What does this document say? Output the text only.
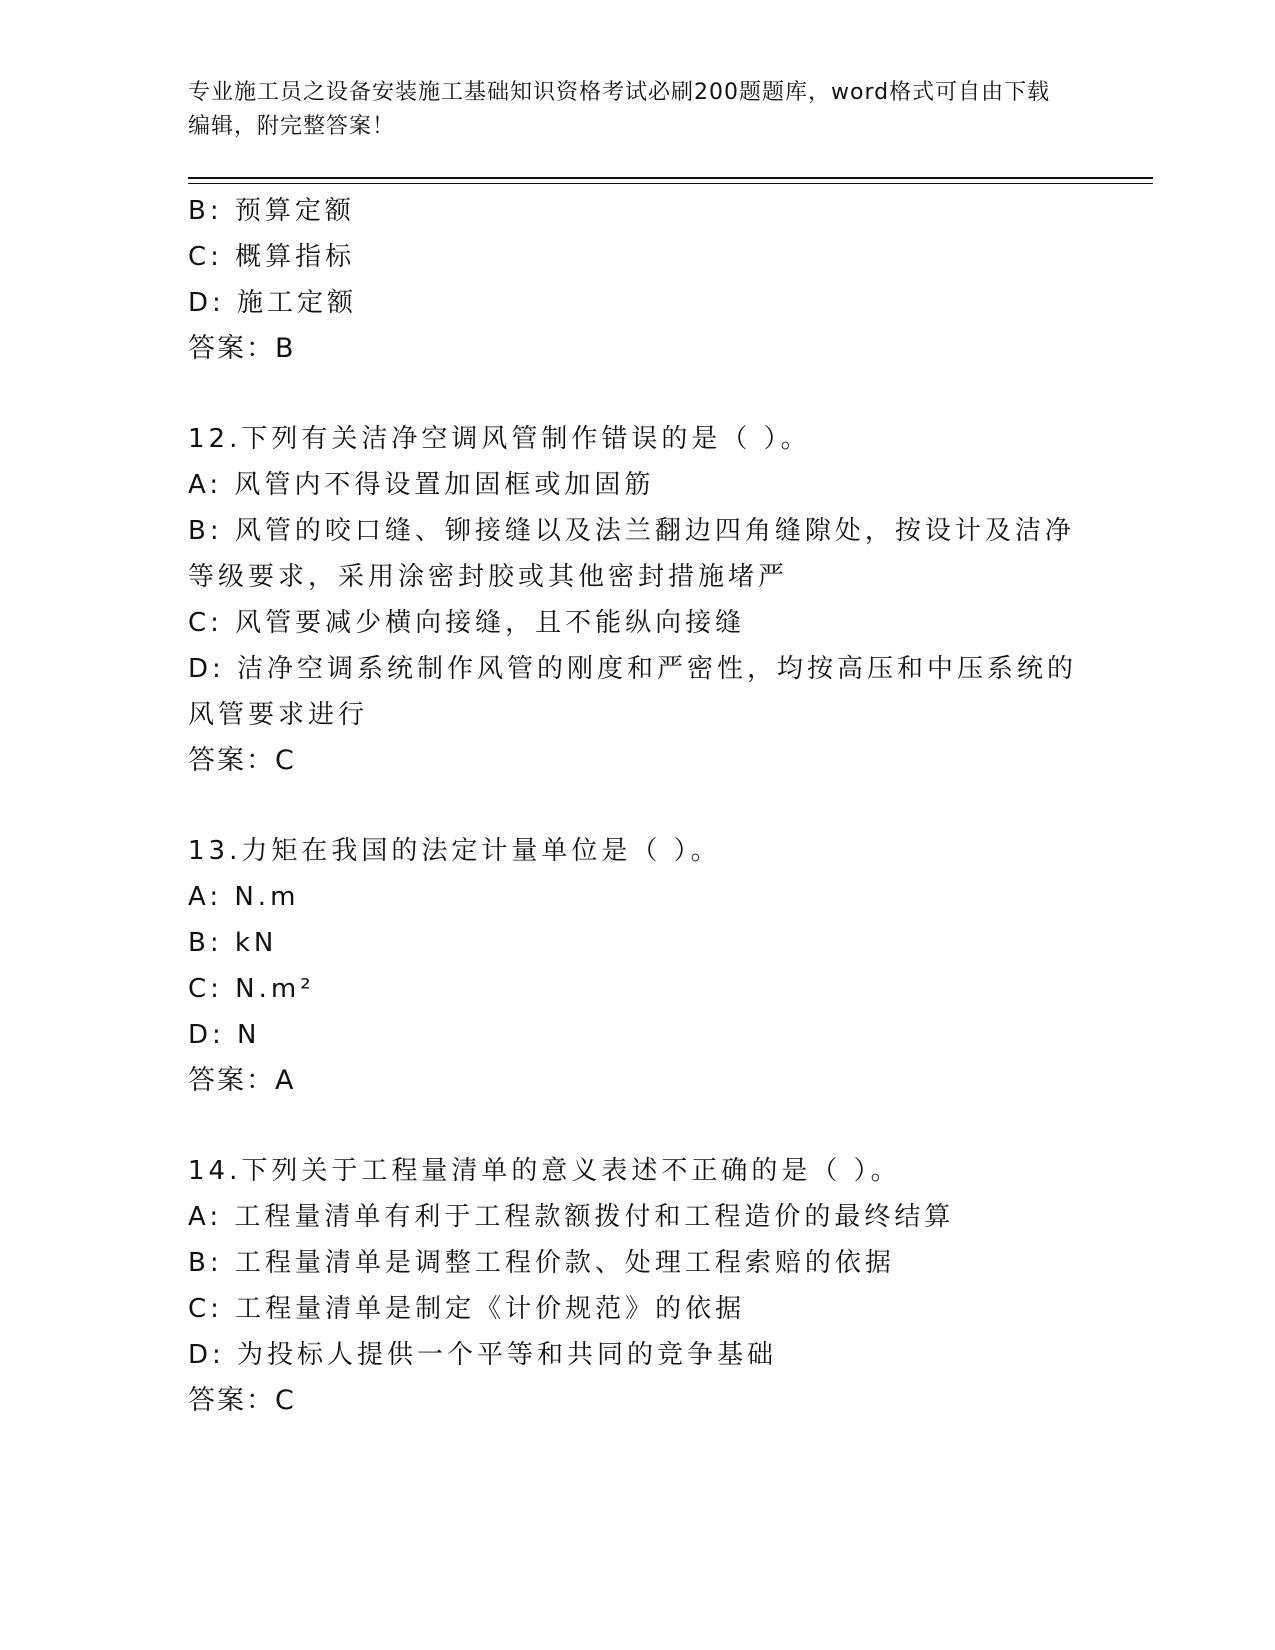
专业施工员之设备安装施工基础知识资格考试必刷200题题库，word格式可自由下载编辑，附完整答案！
B: 预算定额
C: 概算指标
D: 施工定额
答案：B
12.下列有关洁净空调风管制作错误的是（ ）。
A: 风管内不得设置加固框或加固筋
B: 风管的咬口缝、铆接缝以及法兰翻边四角缝隙处，按设计及洁净等级要求，采用涂密封胶或其他密封措施堵严
C: 风管要减少横向接缝，且不能纵向接缝
D: 洁净空调系统制作风管的刚度和严密性，均按高压和中压系统的风管要求进行
答案：C
13.力矩在我国的法定计量单位是（ ）。
A: N.m
B: kN
C: N.m²
D: N
答案：A
14.下列关于工程量清单的意义表述不正确的是（ ）。
A: 工程量清单有利于工程款额拨付和工程造价的最终结算
B: 工程量清单是调整工程价款、处理工程索赔的依据
C: 工程量清单是制定《计价规范》的依据
D: 为投标人提供一个平等和共同的竞争基础
答案：C
